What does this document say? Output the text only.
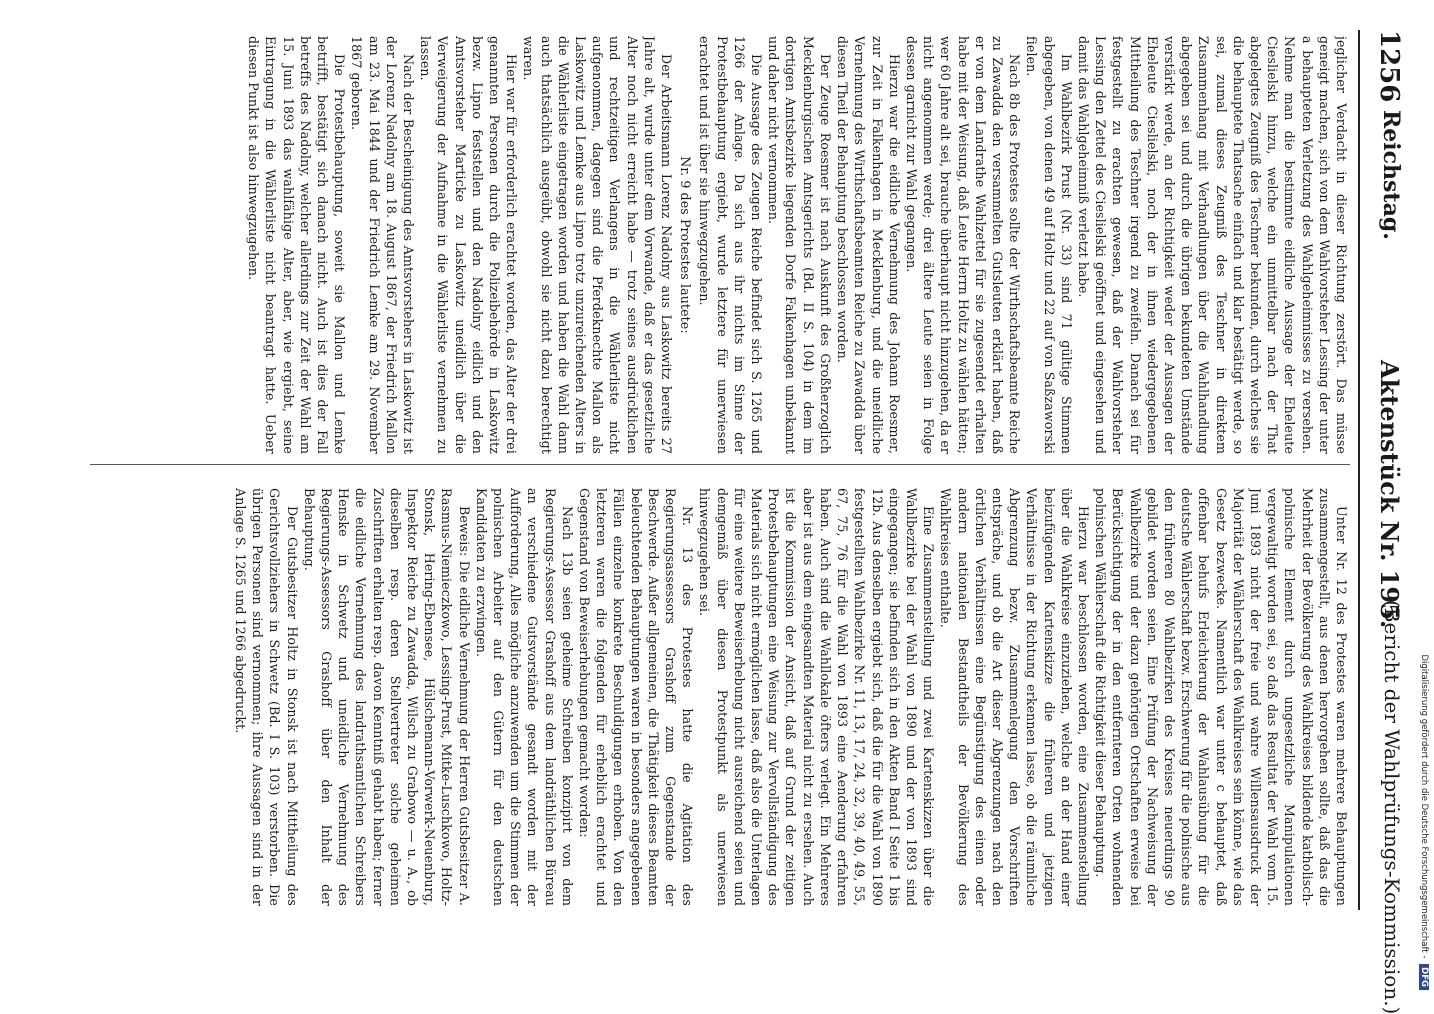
1256
Reichstag.
Aktenstück Nr. 195.
(Bericht der Wahlprüfungs-Kommission.)

jeglicher Verdacht in dieser Richtung zerstört. Das müsse geneigt machen, sich von dem Wahlvorsteher Lessing der unter a behaupteten Verletzung des Wahlgeheimnisses zu versehen. Nehme man die bestimmte eidliche Aussage der Eheleute Cieslielski hinzu, welche ein unmittelbar nach der That abgelegtes Zeugniß des Teschner bekunden, durch welches sie die behauptete Thatsache einfach und klar bestätigt werde, so sei, zumal dieses Zeugniß des Teschner in direktem Zusammenhang mit Verhandlungen über die Wahlhandlung abgegeben sei und durch die übrigen bekundeten Umstände verstärkt werde, an der Richtigkeit weder der Aussagen der Eheleute Cieslielski, noch der in ihnen wiedergegebenen Mittheilung des Teschner irgend zu zweifeln. Danach sei für festgestellt zu erachten gewesen, daß der Wahlvorsteher Lessing den Zettel des Cieslielski geöffnet und eingesehen und damit das Wahlgeheimniß verletzt habe.

Im Wahlbezirk Prust (Nr. 33) sind 71 gültige Stimmen abgegeben, von denen 49 auf Holtz und 22 auf von Saßzaworski fielen.

Nach 8b des Protestes sollte der Wirthschaftsbeamte Reiche zu Zawadda den versammelten Gutsleuten erklärt haben, daß er von dem Landrathe Wahlzettel für sie zugesendet erhalten habe mit der Weisung, daß Leute Herrn Holtz zu wählen hätten; wer 60 Jahre alt sei, brauche überhaupt nicht hinzugehen, da er nicht angenommen werde; drei ältere Leute seien in Folge dessen garnicht zur Wahl gegangen.

Hierzu war die eidliche Vernehmung des Johann Roesmer, zur Zeit in Falkenhagen in Mecklenburg, und die uneidliche Vernehmung des Wirthschaftsbeamten Reiche zu Zawadda über diesen Theil der Behauptung beschlossen worden.

Der Zeuge Roesmer ist nach Auskunft des Großherzoglich Mecklenburgischen Amtsgerichts (Bd. II S. 104) in dem im dortigen Amtsbezirke liegenden Dorfe Falkenhagen unbekannt und daher nicht vernommen.

Die Aussage des Zeugen Reiche befindet sich S. 1265 und 1266 der Anlage. Da sich aus ihr nichts im Sinne der Protestbehauptung ergiebt, wurde letztere für unerwiesen erachtet und ist über sie hinwegzugehen.

Nr. 9 des Protestes lautete:

Der Arbeitsmann Lorenz Nadolny aus Laskowitz bereits 27 Jahre alt, wurde unter dem Vorwande, daß er das gesetzliche Alter noch nicht erreicht habe — trotz seines ausdrücklichen und rechtzeitigen Verlangens in die Wählerliste nicht aufgenommen, dagegen sind die Pferdeknechte Mallon als Laskowitz und Lemke aus Lipno trotz unzureichenden Alters in die Wählerliste eingetragen worden und haben die Wahl dann auch thatsächlich ausgeübt, obwohl sie nicht dazu berechtigt waren.

Hier war für erforderlich erachtet worden, das Alter der drei genannten Personen durch die Polizeibehörde in Laskowitz bezw. Lipno feststellen und den Nadolny eidlich und den Amtsvorsteher Marticke zu Laskowitz uneidlich über die Verweigerung der Aufnahme in die Wählerliste vernehmen zu lassen.

Nach der Bescheinigung des Amtsvorstehers in Laskowitz ist der Lorenz Nadolny am 18. August 1867, der Friedrich Mallon am 23. Mai 1844 und der Friedrich Lemke am 29. November 1867 geboren.

Die Protestbehauptung, soweit sie Mallon und Lemke betrifft, bestätigt sich danach nicht. Auch ist dies der Fall betreffs des Nadolny, welcher allerdings zur Zeit der Wahl am 15. Juni 1893 das wahlfähige Alter, aber, wie ergiebt, seine Eintragung in die Wählerliste nicht beantragt hatte. Ueber diesen Punkt ist also hinwegzugehen.

Unter Nr. 12 des Protestes waren mehrere Behauptungen zusammengestellt, aus denen hervorgehen sollte, daß das die Mehrheit der Bevölkerung des Wahlkreises bildende katholisch-polnische Element durch ungesetzliche Manipulationen vergewaltigt worden sei, so daß das Resultat der Wahl vom 15. Juni 1893 nicht der freie und wahre Willensausdruck der Majorität der Wählerschaft des Wahlkreises sein könne, wie das Gesetz bezwecke. Namentlich war unter c behauptet, daß offenbar behufs Erleichterung der Wahlausübung für die deutsche Wählerschaft bezw. Erschwerung für die polnische aus den früheren 80 Wahlbezirken des Kreises neuerdings 90 gebildet worden seien. Eine Prüfung der Nachweisung der Wahlbezirke und der dazu gehörigen Ortschaften erweise bei Berücksichtigung der in den entfernteren Orten wohnenden polnischen Wählerschaft die Richtigkeit dieser Behauptung.

Hierzu war beschlossen worden, eine Zusammenstellung über die Wahlkreise einzuziehen, welche an der Hand einer beizufügenden Kartenskizze die früheren und jetzigen Verhältnisse in der Richtung erkennen lasse, ob die räumliche Abgrenzung bezw. Zusammenlegung den Vorschriften entspräche, und ob die Art dieser Abgrenzungen nach den örtlichen Verhältnissen eine Begünstigung des einen oder andern nationalen Bestandtheils der Bevölkerung des Wahlkreises enthalte.

Eine Zusammenstellung und zwei Kartenskizzen über die Wahlbezirke bei der Wahl von 1890 und der von 1893 sind eingegangen; sie befinden sich in den Akten Band I Seite 1 bis 12b. Aus denselben ergiebt sich, daß die für die Wahl von 1890 festgestellten Wahlbezirke Nr. 11, 13, 17, 24, 32, 39, 40, 49, 55, 67, 75, 76 für die Wahl von 1893 eine Aenderung erfahren haben. Auch sind die Wahllokale öfters verlegt. Ein Mehreres aber ist aus dem eingesandten Material nicht zu ersehen. Auch ist die Kommission der Ansicht, daß auf Grund der zeitigen Protestbehauptungen eine Weisung zur Vervollständigung des Materials sich nicht ermöglichen lasse, daß also die Unterlagen für eine weitere Beweiserhebung nicht ausreichend seien und demgemäß über diesen Protestpunkt als unerwiesen hinwegzugehen sei.

Nr. 13 des Protestes hatte die Agitation des Regierungsassessors Grashoff zum Gegenstande der Beschwerde. Außer allgemeinen, die Thätigkeit dieses Beamten beleuchtenden Behauptungen waren in besonders angegebenen Fällen einzelne konkrete Beschuldigungen erhoben. Von den letzteren waren die folgenden für erheblich erachtet und Gegenstand von Beweiserhebungen gemacht worden:

Nach 13b seien geheime Schreiben konzipirt von dem Regierungs-Assessor Grashoff aus dem landräthlichen Büreau an verschiedene Gutsvorstände gesandt worden mit der Aufforderung, Alles mögliche anzuwenden um die Stimmen der polnischen Arbeiter auf den Gütern für den deutschen Kandidaten zu erzwingen.

Beweis: Die eidliche Vernehmung der Herren Gutsbesitzer A. Rasmus-Niemieczkowo, Lessing-Prust, Mitke-Luschkowo, Holtz-Stonsk, Hering-Ebensee, Hülschemann-Vorwerk-Neuenburg, Inspektor Reiche zu Zawadda, Wilsch zu Grabowo — u. A., ob dieselben resp. deren Stellvertreter solche geheimen Zuschriften erhalten resp. davon Kenntniß gehabt haben; ferner die eidliche Vernehmung des landrathsamtlichen Schreibers Henske in Schwetz und uneidliche Vernehmung des Regierungs-Assessors Grashoff über den Inhalt der Behauptung.

Der Gutsbesitzer Holtz in Stonsk ist nach Mittheilung des Gerichtsvollziehers in Schwetz (Bd. I S. 103) verstorben. Die übrigen Personen sind vernommen; ihre Aussagen sind in der Anlage S. 1265 und 1266 abgedruckt.

Digitalisierung gefördert durch die Deutsche Forschungsgemeinschaft - DFG
